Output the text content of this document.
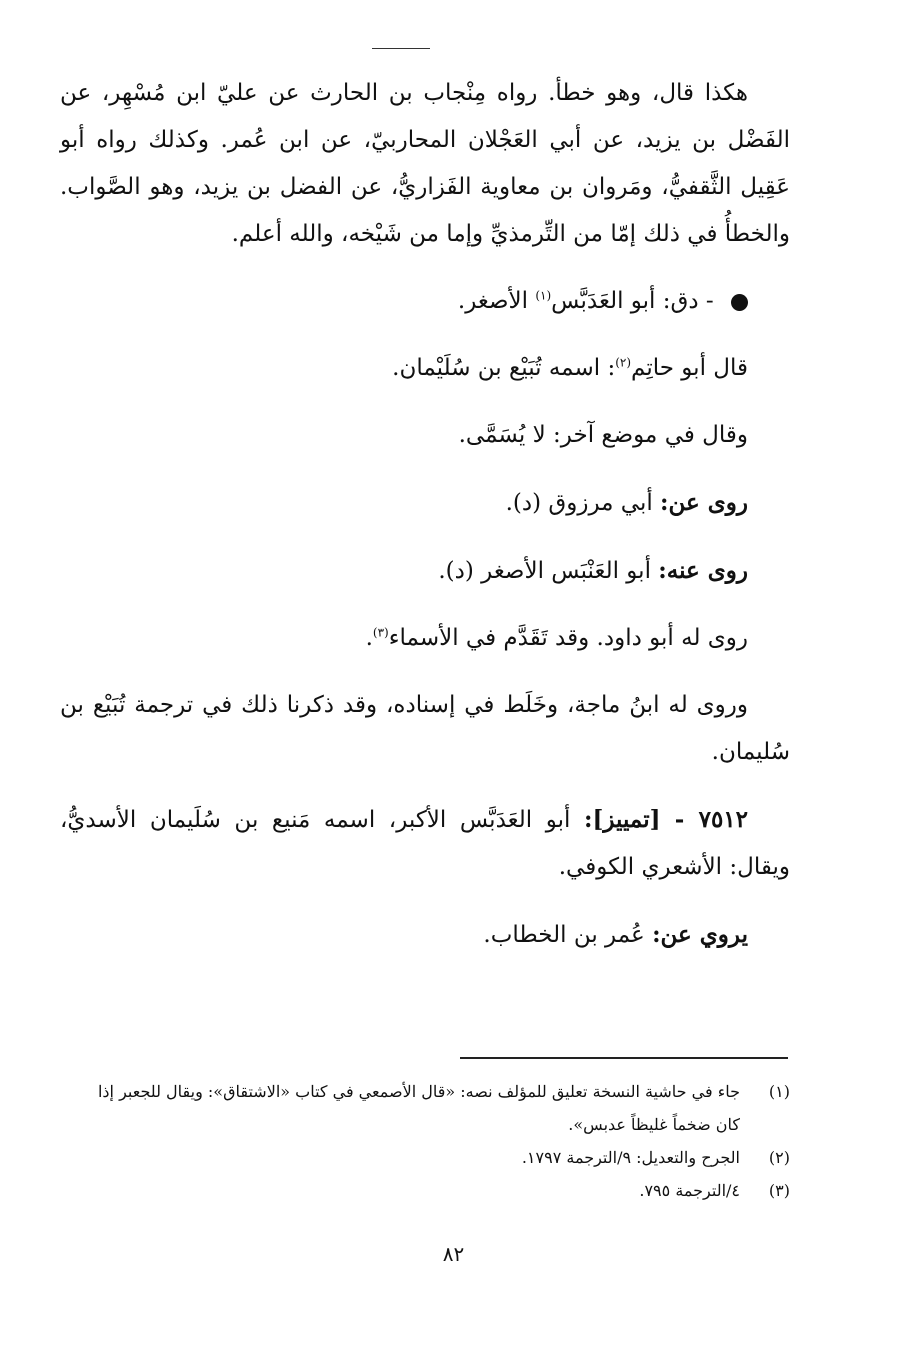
هكذا قال، وهو خطأ. رواه مِنْجاب بن الحارث عن عليّ ابن مُسْهِر، عن الفَضْل بن يزيد، عن أبي العَجْلان المحاربيّ، عن ابن عُمر. وكذلك رواه أبو عَقِيل الثَّقفيُّ، ومَروان بن معاوية الفَزاريُّ، عن الفضل بن يزيد، وهو الصَّواب. والخطأُ في ذلك إمّا من التِّرمذيِّ وإما من شَيْخه، والله أعلم.

- دق: أبو العَدَبَّس$^{(١)}$ الأصغر.

قال أبو حاتِم$^{(٢)}$: اسمه تُبَيْع بن سُلَيْمان.

وقال في موضع آخر: لا يُسَمَّى.

روى عن: أبي مرزوق (د).

روى عنه: أبو العَنْبَس الأصغر (د).

روى له أبو داود. وقد تَقَدَّم في الأسماء$^{(٣)}$.

وروى له ابنُ ماجة، وخَلَط في إسناده، وقد ذكرنا ذلك في ترجمة تُبَيْع بن سُليمان.

٧٥١٢ - [تمييز]: أبو العَدَبَّس الأكبر، اسمه مَنيع بن سُلَيمان الأسديُّ، ويقال: الأشعري الكوفي.

يروي عن: عُمر بن الخطاب.

(١)
جاء في حاشية النسخة تعليق للمؤلف نصه: «قال الأصمعي في كتاب «الاشتقاق»: ويقال للجعبر إذا كان ضخماً غليظاً عدبس».

(٢)
الجرح والتعديل: ٩/الترجمة ١٧٩٧.

(٣)
٤/الترجمة ٧٩٥.

٨٢
